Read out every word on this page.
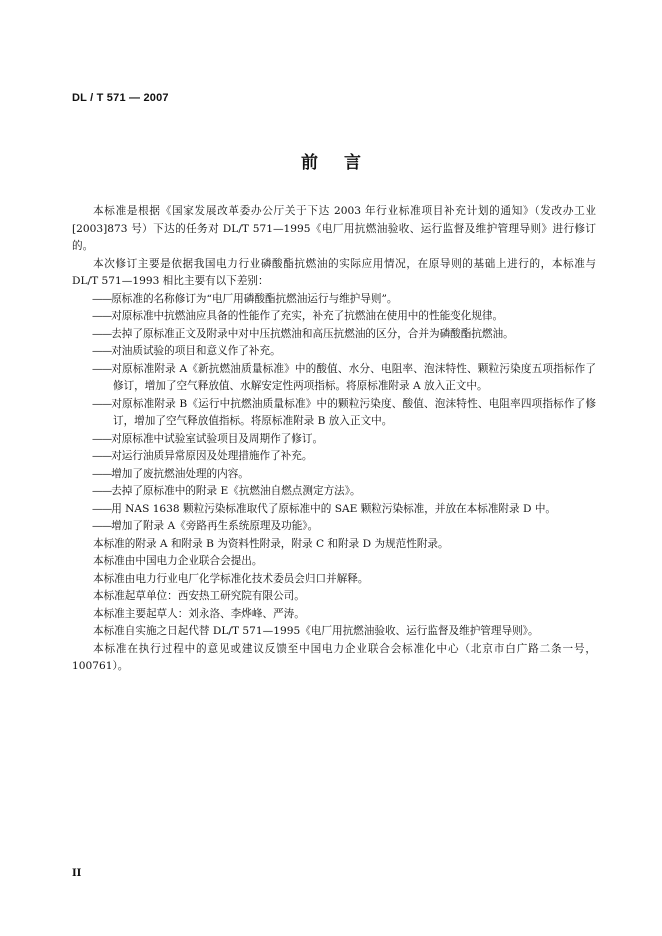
DL / T 571 — 2007
前言

本标准是根据《国家发展改革委办公厅关于下达 2003 年行业标准项目补充计划的通知》（发改办工业[2003]873 号）下达的任务对 DL/T 571—1995《电厂用抗燃油验收、运行监督及维护管理导则》进行修订的。

本次修订主要是依据我国电力行业磷酸酯抗燃油的实际应用情况，在原导则的基础上进行的，本标准与 DL/T 571—1993 相比主要有以下差别：

—— 原标准的名称修订为“电厂用磷酸酯抗燃油运行与维护导则”。

—— 对原标准中抗燃油应具备的性能作了充实，补充了抗燃油在使用中的性能变化规律。

—— 去掉了原标准正文及附录中对中压抗燃油和高压抗燃油的区分，合并为磷酸酯抗燃油。

—— 对油质试验的项目和意义作了补充。

—— 对原标准附录 A《新抗燃油质量标准》中的酸值、水分、电阻率、泡沫特性、颗粒污染度五项指标作了修订，增加了空气释放值、水解安定性两项指标。将原标准附录 A 放入正文中。

—— 对原标准附录 B《运行中抗燃油质量标准》中的颗粒污染度、酸值、泡沫特性、电阻率四项指标作了修订，增加了空气释放值指标。将原标准附录 B 放入正文中。

—— 对原标准中试验室试验项目及周期作了修订。

—— 对运行油质异常原因及处理措施作了补充。

—— 增加了废抗燃油处理的内容。

—— 去掉了原标准中的附录 E《抗燃油自燃点测定方法》。

—— 用 NAS 1638 颗粒污染标准取代了原标准中的 SAE 颗粒污染标准，并放在本标准附录 D 中。

—— 增加了附录 A《旁路再生系统原理及功能》。

本标准的附录 A 和附录 B 为资料性附录，附录 C 和附录 D 为规范性附录。

本标准由中国电力企业联合会提出。

本标准由电力行业电厂化学标准化技术委员会归口并解释。

本标准起草单位：西安热工研究院有限公司。

本标准主要起草人：刘永洛、李烨峰、严涛。

本标准自实施之日起代替 DL/T 571—1995《电厂用抗燃油验收、运行监督及维护管理导则》。

本标准在执行过程中的意见或建议反馈至中国电力企业联合会标准化中心（北京市白广路二条一号，100761）。

II
